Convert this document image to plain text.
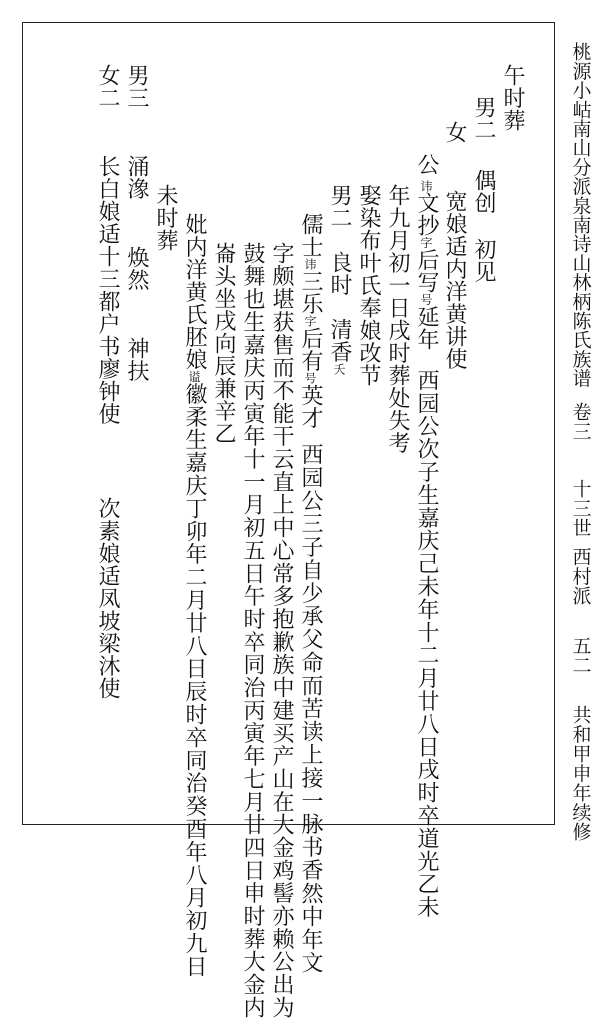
桃源小岵南山分派泉南诗山林柄陈氏族谱
卷三
十三世
西村派
五二
共和甲申年续修
午时葬
男二偶创初见
女宽娘适内洋黄讲使
公讳文抄字后写号延年西园公次子生嘉庆己未年十二月廿八日戌时卒道光乙未
年九月初一日戌时葬处失考
娶染布叶氏奉娘改节
男二良时清香夭
儒士讳三乐字后有号英才西园公三子自少承父命而苦读上接一脉书香然中年文
字颇堪获售而不能干云直上中心常多抱歉族中建买产山在大金鸡髻亦赖公出为
鼓舞也生嘉庆丙寅年十一月初五日午时卒同治丙寅年七月廿四日申时葬大金内
崙头坐戌向辰兼辛乙
妣内洋黄氏胚娘谥徽柔生嘉庆丁卯年二月廿八日辰时卒同治癸酉年八月初九日
未时葬
男三涌潒焕然神扶
女二长白娘适十三都户书廖钟使次素娘适凤坡梁沐使
